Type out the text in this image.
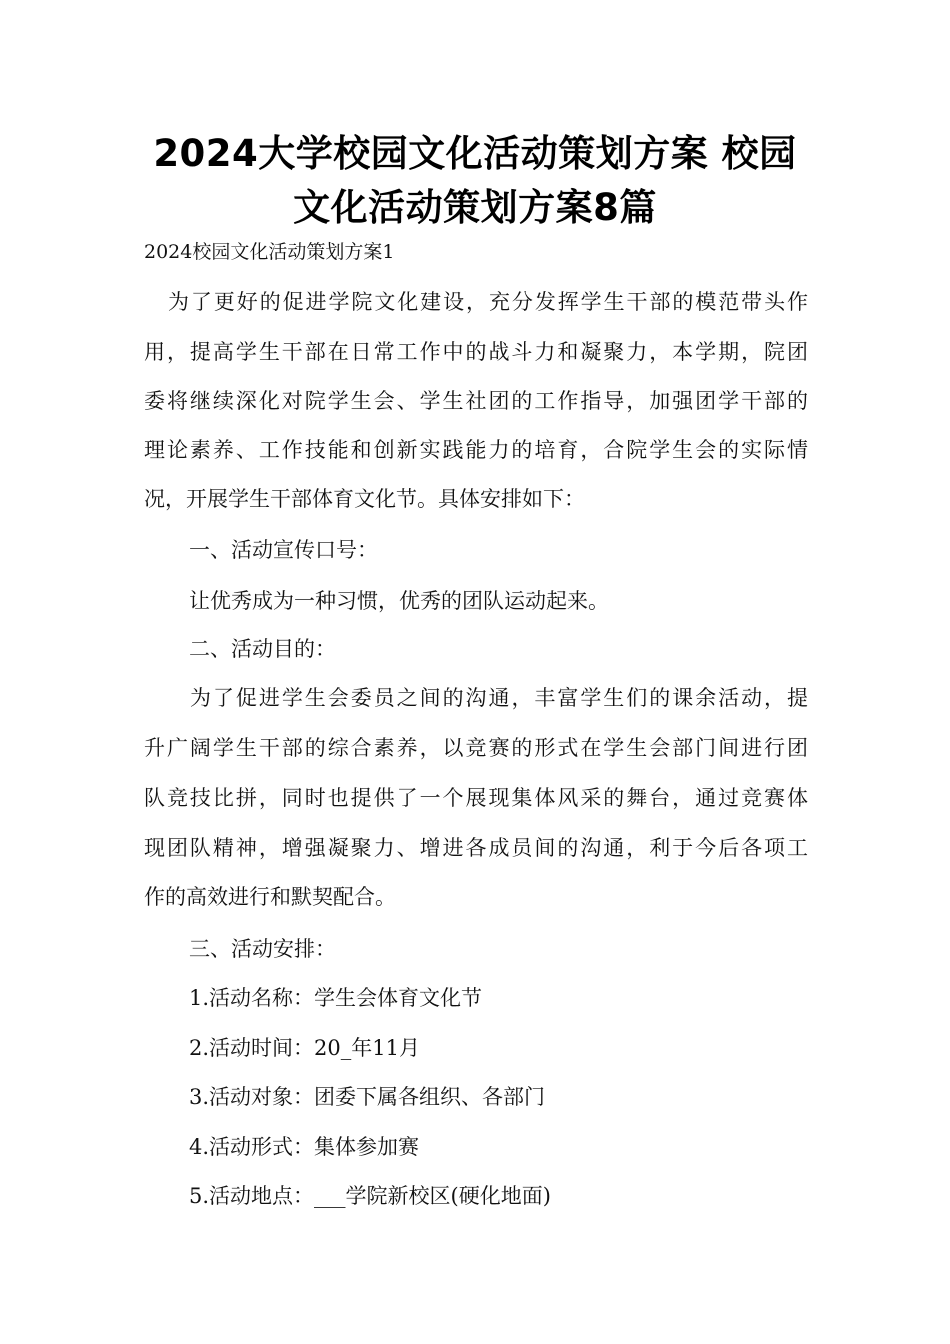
2024大学校园文化活动策划方案 校园
文化活动策划方案8篇
2024校园文化活动策划方案1
为了更好的促进学院文化建设，充分发挥学生干部的模范带头作
用，提高学生干部在日常工作中的战斗力和凝聚力，本学期，院团
委将继续深化对院学生会、学生社团的工作指导，加强团学干部的
理论素养、工作技能和创新实践能力的培育，合院学生会的实际情
况，开展学生干部体育文化节。具体安排如下：
一、活动宣传口号：
让优秀成为一种习惯，优秀的团队运动起来。
二、活动目的：
为了促进学生会委员之间的沟通，丰富学生们的课余活动，提
升广阔学生干部的综合素养，以竞赛的形式在学生会部门间进行团
队竞技比拼，同时也提供了一个展现集体风采的舞台，通过竞赛体
现团队精神，增强凝聚力、增进各成员间的沟通，利于今后各项工
作的高效进行和默契配合。
三、活动安排：
1.活动名称：学生会体育文化节
2.活动时间：20_年11月
3.活动对象：团委下属各组织、各部门
4.活动形式：集体参加赛
5.活动地点：___学院新校区(硬化地面)
